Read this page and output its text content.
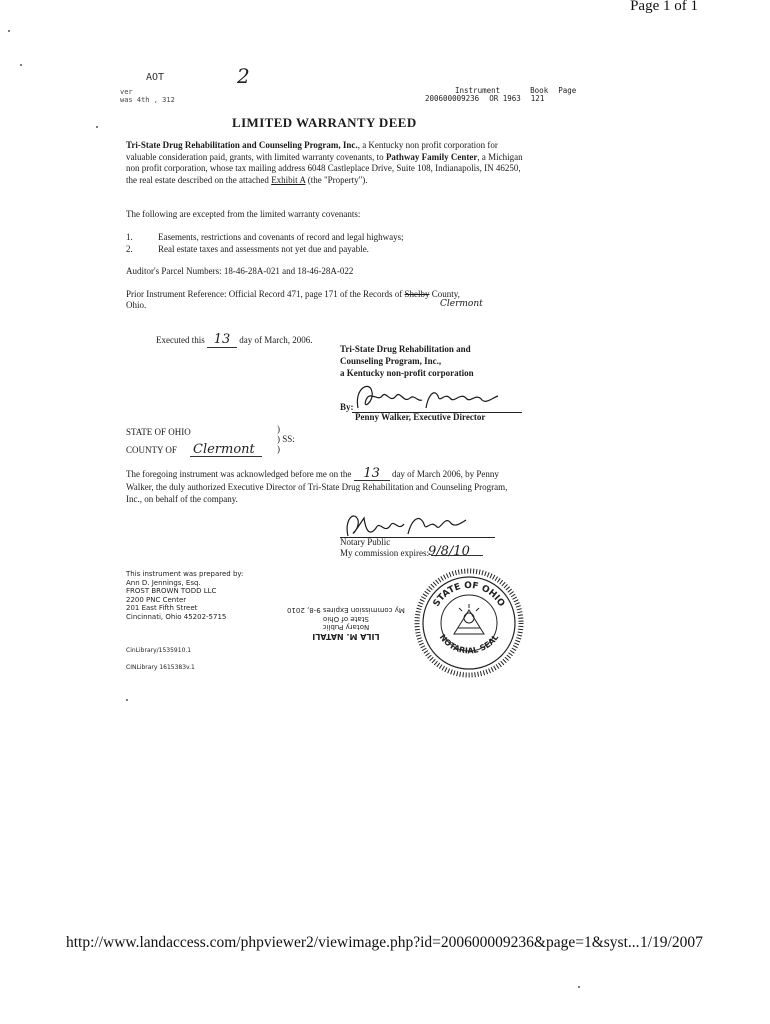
Page 1 of 1
AOT	2
ver
was 4th , 312
Instrument	Book Page
200600009236 OR 1963 121
LIMITED WARRANTY DEED
Tri-State Drug Rehabilitation and Counseling Program, Inc., a Kentucky non profit corporation for valuable consideration paid, grants, with limited warranty covenants, to Pathway Family Center, a Michigan non profit corporation, whose tax mailing address 6048 Castleplace Drive, Suite 108, Indianapolis, IN 46250, the real estate described on the attached Exhibit A (the "Property").
The following are excepted from the limited warranty covenants:
1.	Easements, restrictions and covenants of record and legal highways;
2.	Real estate taxes and assessments not yet due and payable.
Auditor's Parcel Numbers: 18-46-28A-021 and 18-46-28A-022
Prior Instrument Reference: Official Record 471, page 171 of the Records of Shelby County,
Ohio.	Clermont
Executed this 13 day of March, 2006.
Tri-State Drug Rehabilitation and
Counseling Program, Inc.,
a Kentucky non-profit corporation
By:
Penny Walker, Executive Director
STATE OF OHIO
COUNTY OF
)
) SS:
)
Clermont
The foregoing instrument was acknowledged before me on the 13 day of March 2006, by Penny Walker, the duly authorized Executive Director of Tri-State Drug Rehabilitation and Counseling Program, Inc., on behalf of the company.
Notary Public
My commission expires: 9/8/10
This instrument was prepared by:
Ann D. Jennings, Esq.
FROST BROWN TODD LLC
2200 PNC Center
201 East Fifth Street
Cincinnati, Ohio 45202-5715
CinLibrary/1535910.1
CINLibrary 1615383v.1
LILA M. NATALI
Notary Public
State of Ohio
My commission Expires 9-8, 2010
STATE OF OHIO
NOTARIAL SEAL
http://www.landaccess.com/phpviewer2/viewimage.php?id=200600009236&page=1&syst... 1/19/2007
